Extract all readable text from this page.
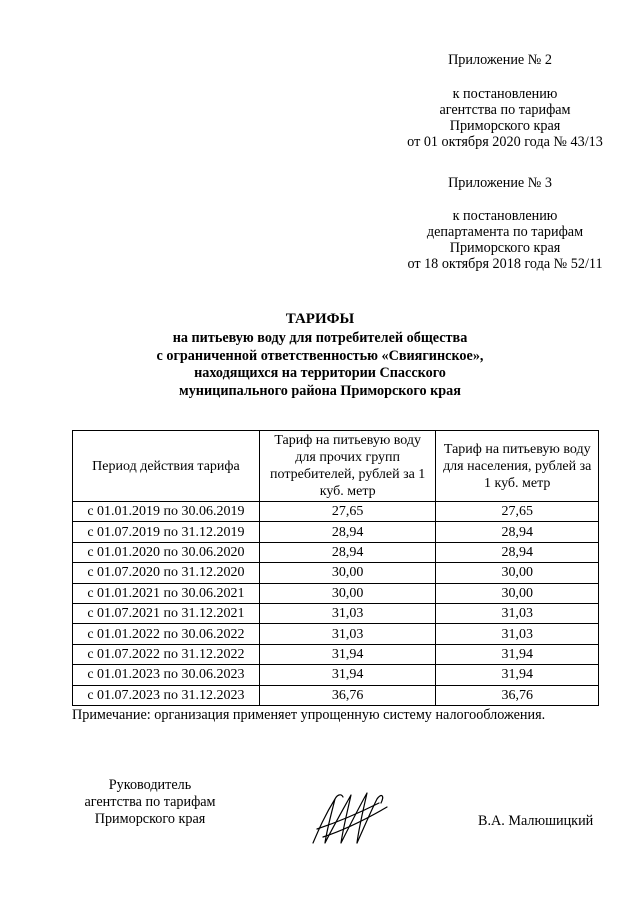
Приложение № 2
к постановлению
агентства по тарифам
Приморского края
от 01 октября 2020 года № 43/13
Приложение № 3
к постановлению
департамента по тарифам
Приморского края
от 18 октября 2018 года № 52/11
ТАРИФЫ
на питьевую воду для потребителей общества
с ограниченной ответственностью «Свиягинское»,
находящихся на территории Спасского
муниципального района Приморского края
Период действия тарифа	Тариф на питьевую воду для прочих групп потребителей, рублей за 1 куб. метр	Тариф на питьевую воду для населения, рублей за 1 куб. метр
с 01.01.2019 по 30.06.2019	27,65	27,65
с 01.07.2019 по 31.12.2019	28,94	28,94
с 01.01.2020 по 30.06.2020	28,94	28,94
с 01.07.2020 по 31.12.2020	30,00	30,00
с 01.01.2021 по 30.06.2021	30,00	30,00
с 01.07.2021 по 31.12.2021	31,03	31,03
с 01.01.2022 по 30.06.2022	31,03	31,03
с 01.07.2022 по 31.12.2022	31,94	31,94
с 01.01.2023 по 30.06.2023	31,94	31,94
с 01.07.2023 по 31.12.2023	36,76	36,76
Примечание: организация применяет упрощенную систему налогообложения.
Руководитель
агентства по тарифам
Приморского края	В.А. Малюшицкий
